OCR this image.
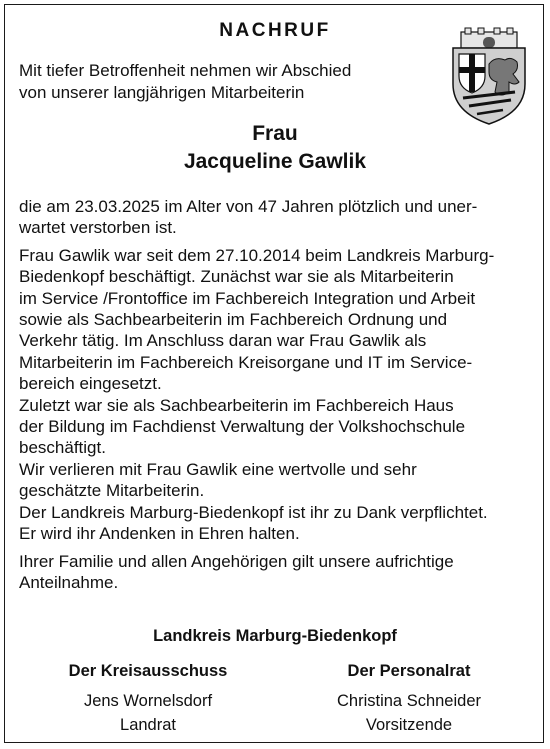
NACHRUF
Mit tiefer Betroffenheit nehmen wir Abschied
von unserer langjährigen Mitarbeiterin
Frau
Jacqueline Gawlik
die am 23.03.2025 im Alter von 47 Jahren plötzlich und uner-
wartet verstorben ist.
Frau Gawlik war seit dem 27.10.2014 beim Landkreis Marburg-
Biedenkopf beschäftigt. Zunächst war sie als Mitarbeiterin
im Service /Frontoffice im Fachbereich Integration und Arbeit
sowie als Sachbearbeiterin im Fachbereich Ordnung und
Verkehr tätig. Im Anschluss daran war Frau Gawlik als
Mitarbeiterin im Fachbereich Kreisorgane und IT im Service-
bereich eingesetzt.
Zuletzt war sie als Sachbearbeiterin im Fachbereich Haus
der Bildung im Fachdienst Verwaltung der Volkshochschule
beschäftigt.
Wir verlieren mit Frau Gawlik eine wertvolle und sehr
geschätzte Mitarbeiterin.
Der Landkreis Marburg-Biedenkopf ist ihr zu Dank verpflichtet.
Er wird ihr Andenken in Ehren halten.
Ihrer Familie und allen Angehörigen gilt unsere aufrichtige
Anteilnahme.
Landkreis Marburg-Biedenkopf
Der Kreisausschuss
Jens Wornelsdorf
Landrat
Der Personalrat
Christina Schneider
Vorsitzende
